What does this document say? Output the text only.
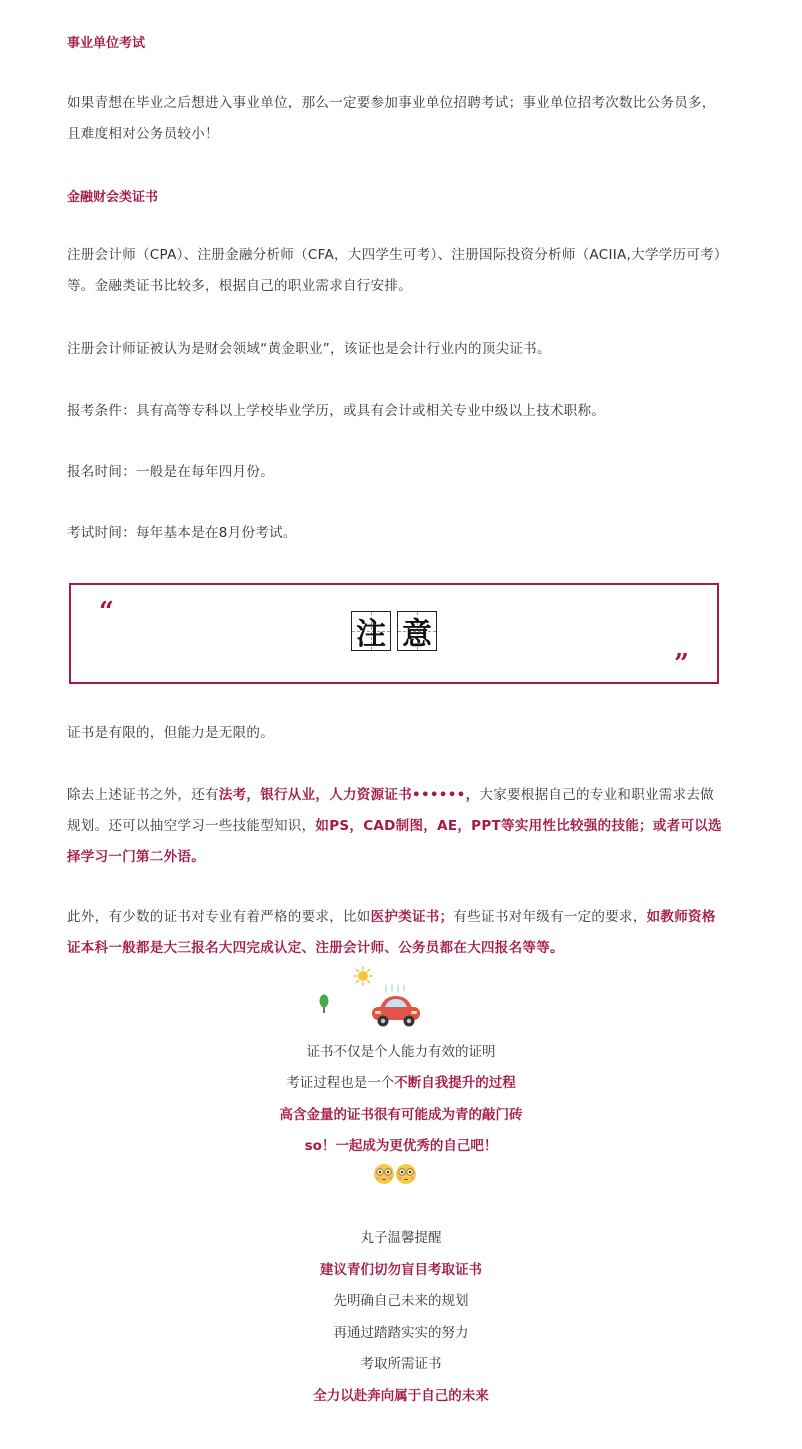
事业单位考试
如果青想在毕业之后想进入事业单位，那么一定要参加事业单位招聘考试；事业单位招考次数比公务员多，且难度相对公务员较小！
金融财会类证书
注册会计师（CPA）、注册金融分析师（CFA，大四学生可考）、注册国际投资分析师（ACIIA,大学学历可考）等。金融类证书比较多，根据自己的职业需求自行安排。
注册会计师证被认为是财会领域“黄金职业”，该证也是会计行业内的顶尖证书。
报考条件：具有高等专科以上学校毕业学历，或具有会计或相关专业中级以上技术职称。
报名时间：一般是在每年四月份。
考试时间：每年基本是在8月份考试。
“
注 意
”
证书是有限的，但能力是无限的。
除去上述证书之外，还有法考，银行从业，人力资源证书••••••，大家要根据自己的专业和职业需求去做规划。还可以抽空学习一些技能型知识，如PS，CAD制图，AE，PPT等实用性比较强的技能；或者可以选择学习一门第二外语。
此外，有少数的证书对专业有着严格的要求，比如医护类证书；有些证书对年级有一定的要求，如教师资格证本科一般都是大三报名大四完成认定、注册会计师、公务员都在大四报名等等。
证书不仅是个人能力有效的证明
考证过程也是一个不断自我提升的过程
高含金量的证书很有可能成为青的敲门砖
so！一起成为更优秀的自己吧！
丸子温馨提醒
建议青们切勿盲目考取证书
先明确自己未来的规划
再通过踏踏实实的努力
考取所需证书
全力以赴奔向属于自己的未来
